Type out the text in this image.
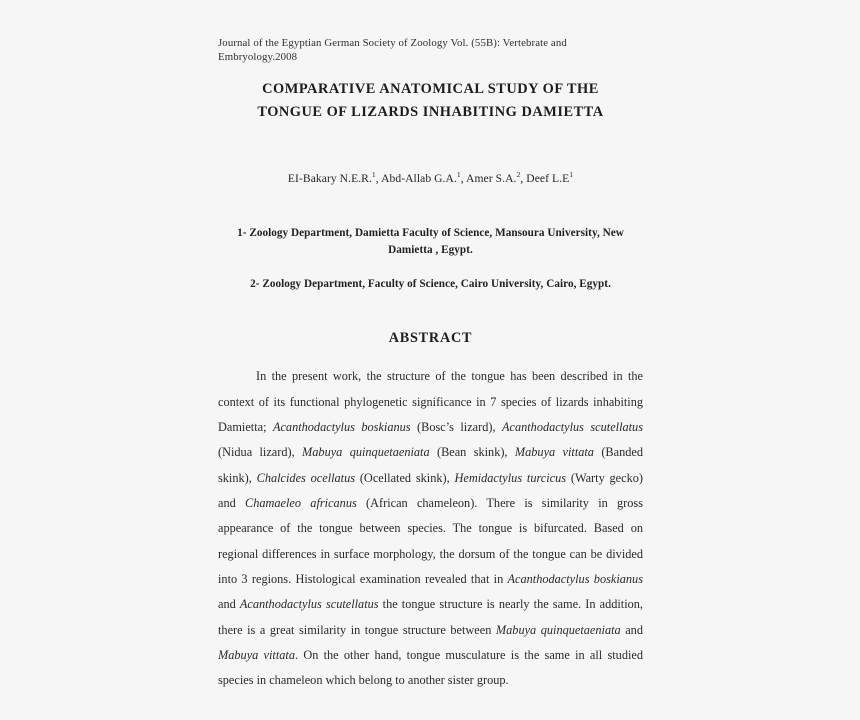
Journal of the Egyptian German Society of Zoology Vol. (55B): Vertebrate and Embryology.2008
COMPARATIVE ANATOMICAL STUDY OF THE
TONGUE OF LIZARDS INHABITING DAMIETTA
EI-Bakary N.E.R.$^1$, Abd-Allab G.A.$^1$, Amer S.A.$^2$, Deef $L.E^1$
1- Zoology Department, Damietta Faculty of Science, Mansoura University, New Damietta , Egypt.
2- Zoology Department, Faculty of Science, Cairo University, Cairo, Egypt.
ABSTRACT

In the present work, the structure of the tongue has been described in the context of its functional phylogenetic significance in 7 species of lizards inhabiting Damietta; Acanthodactylus boskianus (Bosc’s lizard), Acanthodactylus scutellatus (Nidua lizard), Mabuya quinquetaeniata (Bean skink), Mabuya vittata (Banded skink), Chalcides ocellatus (Ocellated skink), Hemidactylus turcicus (Warty gecko) and Chamaeleo africanus (African chameleon). There is similarity in gross appearance of the tongue between species. The tongue is bifurcated. Based on regional differences in surface morphology, the dorsum of the tongue can be divided into 3 regions. Histological examination revealed that in Acanthodactylus boskianus and Acanthodactylus scutellatus the tongue structure is nearly the same. In addition, there is a great similarity in tongue structure between Mabuya quinquetaeniata and Mabuya vittata. On the other hand, tongue musculature is the same in all studied species in chameleon which belong to another sister group.
